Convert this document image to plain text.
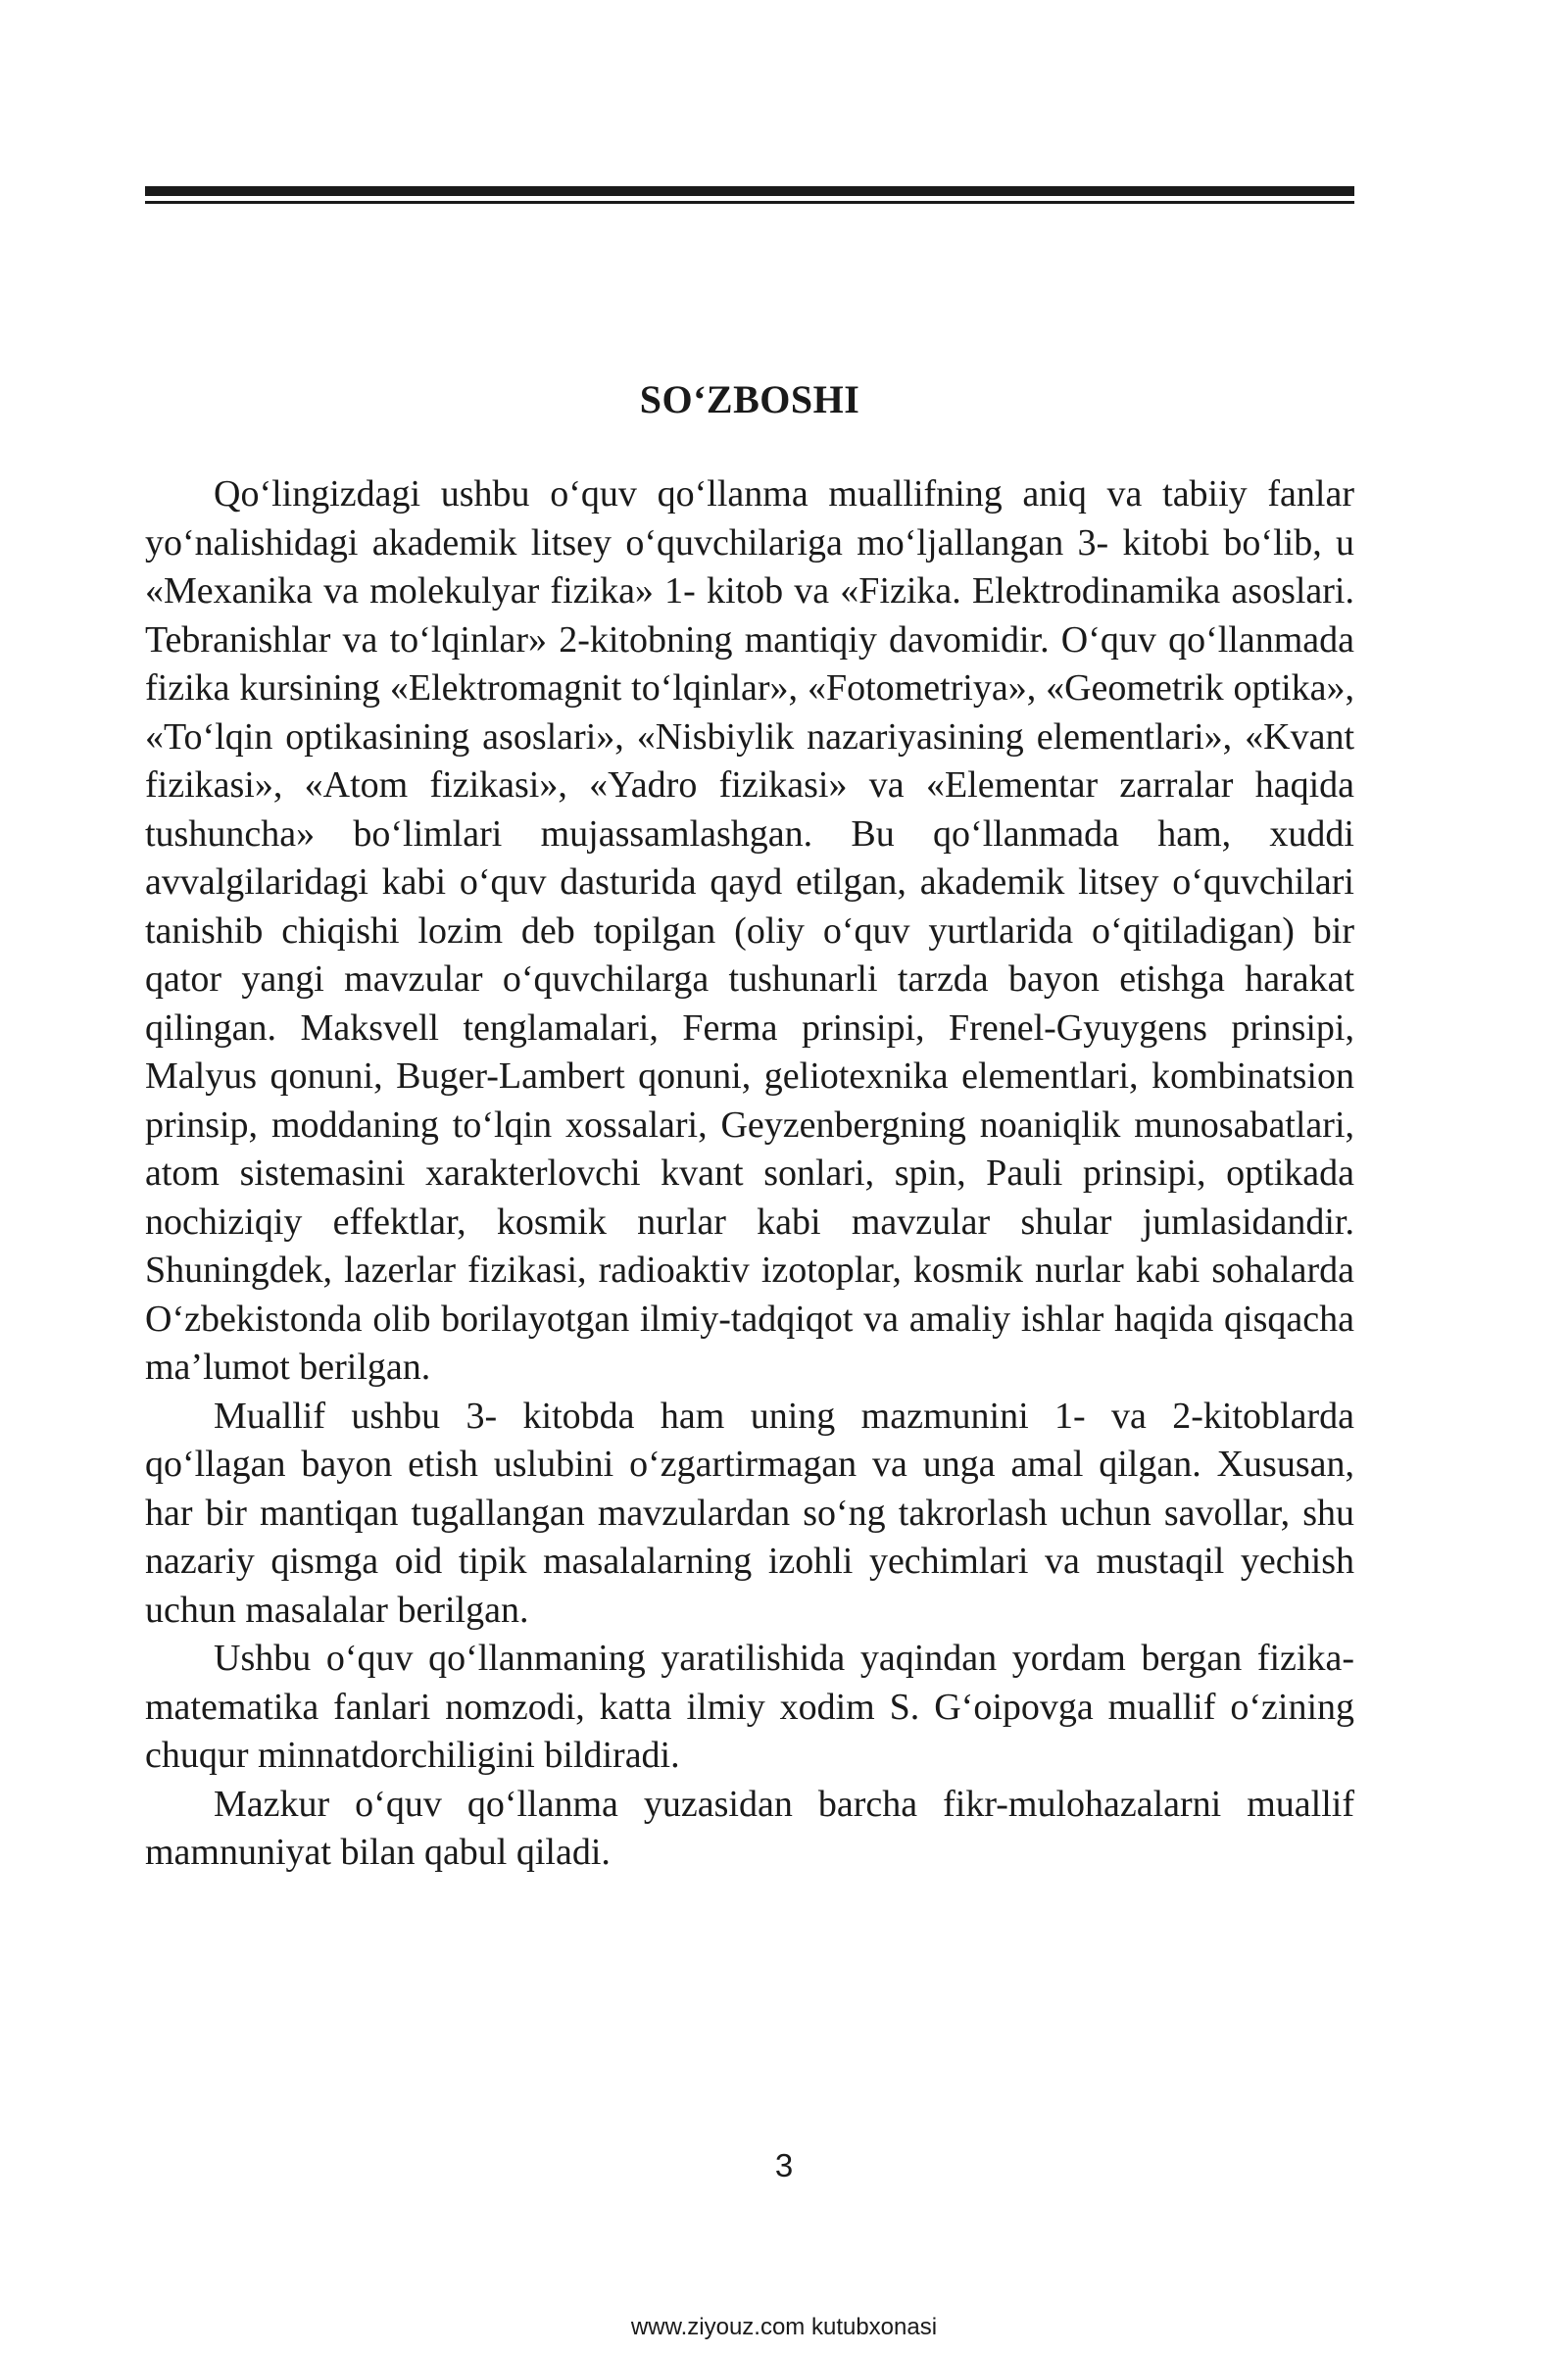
SO‘ZBOSHI

Qo‘lingizdagi ushbu o‘quv qo‘llanma muallifning aniq va tabiiy fanlar yo‘nalishidagi akademik litsey o‘quvchilariga mo‘ljallangan 3- kitobi bo‘lib, u «Mexanika va molekulyar fizika» 1- kitob va «Fizika. Elektrodinamika asoslari. Tebranishlar va to‘lqinlar» 2-kitobning mantiqiy davomidir. O‘quv qo‘llanmada fizika kursining «Elektromagnit to‘lqinlar», «Fotometriya», «Geometrik optika», «To‘lqin optikasining asoslari», «Nisbiylik nazariyasining elementlari», «Kvant fizikasi», «Atom fizikasi», «Yadro fizikasi» va «Elementar zarralar haqida tushuncha» bo‘limlari mujassamlashgan. Bu qo‘llanmada ham, xuddi avvalgilaridagi kabi o‘quv dasturida qayd etilgan, akademik litsey o‘quvchilari tanishib chiqishi lozim deb topilgan (oliy o‘quv yurtlarida o‘qitiladigan) bir qator yangi mavzular o‘quvchilarga tushunarli tarzda bayon etishga harakat qilingan. Maksvell tenglamalari, Ferma prinsipi, Frenel-Gyuygens prinsipi, Malyus qonuni, Buger-Lambert qonuni, geliotexnika elementlari, kombinatsion prinsip, moddaning to‘lqin xossalari, Geyzenbergning noaniqlik munosabatlari, atom sistemasini xarakterlovchi kvant sonlari, spin, Pauli prinsipi, optikada nochiziqiy effektlar, kosmik nurlar kabi mavzular shular jumlasidandir. Shuningdek, lazerlar fizikasi, radioaktiv izotoplar, kosmik nurlar kabi sohalarda O‘zbekistonda olib borilayotgan ilmiy-tadqiqot va amaliy ishlar haqida qisqacha ma’lumot berilgan.

Muallif ushbu 3- kitobda ham uning mazmunini 1- va 2-kitoblarda qo‘llagan bayon etish uslubini o‘zgartirmagan va unga amal qilgan. Xususan, har bir mantiqan tugallangan mavzulardan so‘ng takrorlash uchun savollar, shu nazariy qismga oid tipik masalalarning izohli yechimlari va mustaqil yechish uchun masalalar berilgan.

Ushbu o‘quv qo‘llanmaning yaratilishida yaqindan yordam bergan fizika-matematika fanlari nomzodi, katta ilmiy xodim S. G‘oipovga muallif o‘zining chuqur minnatdorchiligini bildiradi.

Mazkur o‘quv qo‘llanma yuzasidan barcha fikr-mulohazalarni muallif mamnuniyat bilan qabul qiladi.

3
www.ziyouz.com kutubxonasi
